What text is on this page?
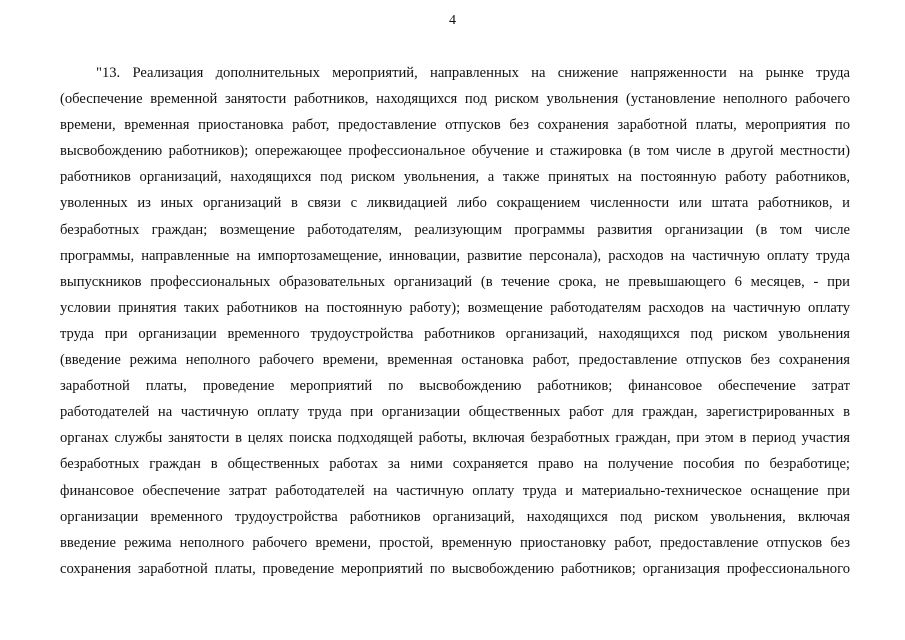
4
"13. Реализация дополнительных мероприятий, направленных на снижение напряженности на рынке труда
(обеспечение временной занятости работников, находящихся под риском увольнения (установление неполного рабочего
времени, временная приостановка работ, предоставление отпусков без сохранения заработной платы, мероприятия по
высвобождению работников); опережающее профессиональное обучение и стажировка (в том числе в другой местности)
работников организаций, находящихся под риском увольнения, а также принятых на постоянную работу работников,
уволенных из иных организаций в связи с ликвидацией либо сокращением численности или штата работников, и
безработных граждан; возмещение работодателям, реализующим программы развития организации (в том числе
программы, направленные на импортозамещение, инновации, развитие персонала), расходов на частичную оплату труда
выпускников профессиональных образовательных организаций (в течение срока, не превышающего 6 месяцев, - при
условии принятия таких работников на постоянную работу); возмещение работодателям расходов на частичную оплату
труда при организации временного трудоустройства работников организаций, находящихся под риском увольнения
(введение режима неполного рабочего времени, временная остановка работ, предоставление отпусков без сохранения
заработной платы, проведение мероприятий по высвобождению работников; финансовое обеспечение затрат
работодателей на частичную оплату труда при организации общественных работ для граждан, зарегистрированных в
органах службы занятости в целях поиска подходящей работы, включая безработных граждан, при этом в период участия
безработных граждан в общественных работах за ними сохраняется право на получение пособия по безработице;
финансовое обеспечение затрат работодателей на частичную оплату труда и материально-техническое оснащение при
организации временного трудоустройства работников организаций, находящихся под риском увольнения, включая
введение режима неполного рабочего времени, простой, временную приостановку работ, предоставление отпусков без
сохранения заработной платы, проведение мероприятий по высвобождению работников; организация профессионального
